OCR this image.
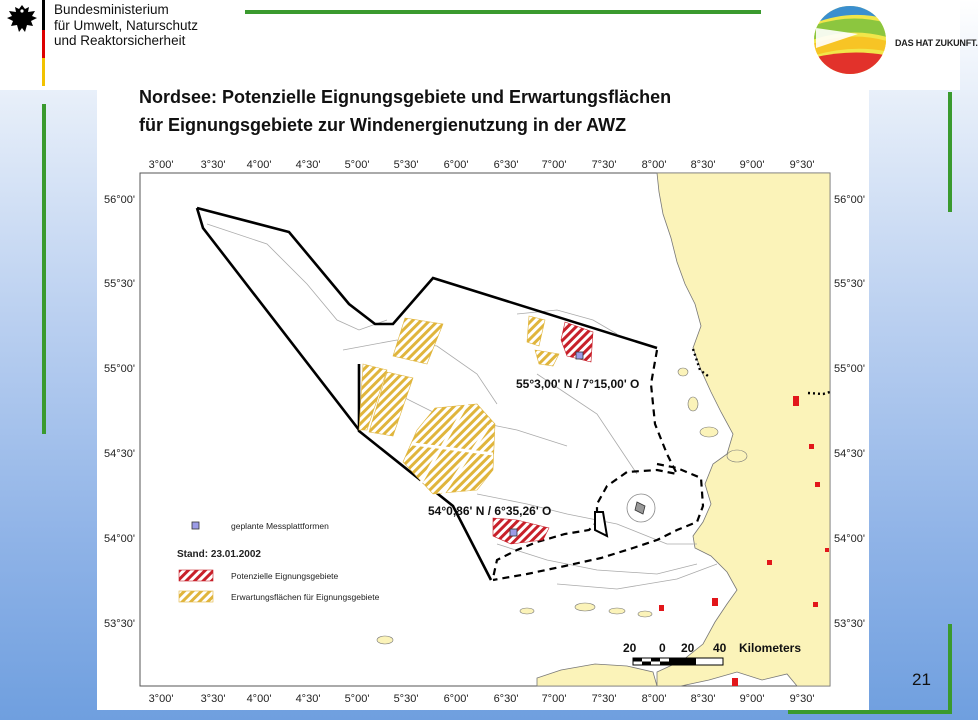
Bundesministerium
für Umwelt, Naturschutz
und Reaktorsicherheit	DAS HAT ZUKUNFT.
Nordsee: Potenzielle Eignungsgebiete und Erwartungsflächen
für Eignungsgebiete zur Windenergienutzung in der AWZ
3°00' 3°30' 4°00' 4°30' 5°00' 5°30' 6°00' 6°30' 7°00' 7°30' 8°00' 8°30' 9°00' 9°30'
3°00' 3°30' 4°00' 4°30' 5°00' 5°30' 6°00' 6°30' 7°00' 7°30' 8°00' 8°30' 9°00' 9°30'
56°00'
55°30'
55°00'
54°30'
54°00'
53°30'
56°00'
55°30'
55°00'
54°30'
54°00'
53°30'
55°3,00' N / 7°15,00' O
54°0,86' N / 6°35,26' O
geplante Messplattformen
Stand: 23.01.2002
Potenzielle Eignungsgebiete
Erwartungsflächen für Eignungsgebiete
20 0 20 40 Kilometers
21
